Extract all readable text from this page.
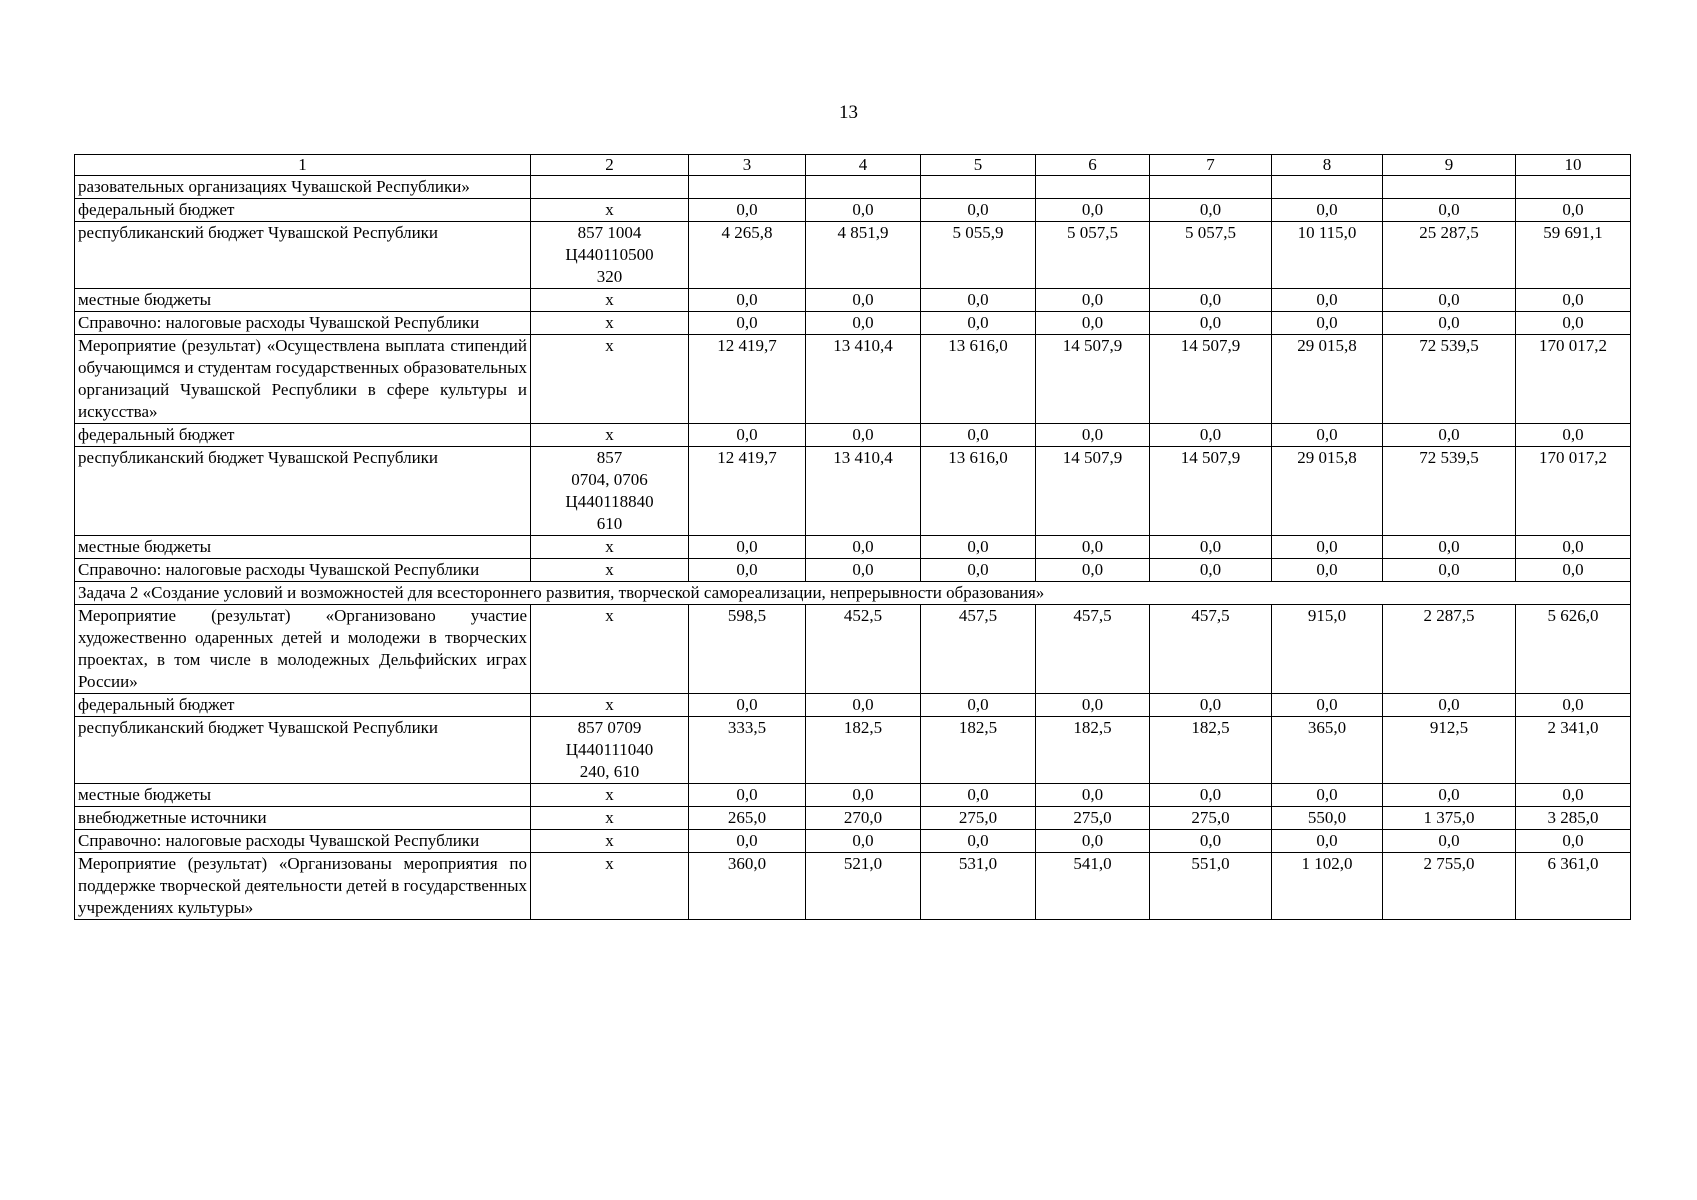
13
1	2	3	4	5	6	7	8	9	10
разовательных организациях Чувашской Республики»									
федеральный бюджет	х	0,0	0,0	0,0	0,0	0,0	0,0	0,0	0,0
республиканский бюджет Чувашской Республики	857 1004
Ц440110500
320	4 265,8	4 851,9	5 055,9	5 057,5	5 057,5	10 115,0	25 287,5	59 691,1
местные бюджеты	х	0,0	0,0	0,0	0,0	0,0	0,0	0,0	0,0
Справочно: налоговые расходы Чувашской Республики	х	0,0	0,0	0,0	0,0	0,0	0,0	0,0	0,0
Мероприятие (результат) «Осуществлена выплата стипендий обучающимся и студентам государственных образовательных организаций Чувашской Республики в сфере культуры и искусства»	х	12 419,7	13 410,4	13 616,0	14 507,9	14 507,9	29 015,8	72 539,5	170 017,2
федеральный бюджет	х	0,0	0,0	0,0	0,0	0,0	0,0	0,0	0,0
республиканский бюджет Чувашской Республики	857
0704, 0706
Ц440118840
610	12 419,7	13 410,4	13 616,0	14 507,9	14 507,9	29 015,8	72 539,5	170 017,2
местные бюджеты	х	0,0	0,0	0,0	0,0	0,0	0,0	0,0	0,0
Справочно: налоговые расходы Чувашской Республики	х	0,0	0,0	0,0	0,0	0,0	0,0	0,0	0,0
Задача 2 «Создание условий и возможностей для всестороннего развития, творческой самореализации, непрерывности образования»									
Мероприятие (результат) «Организовано участие художественно одаренных детей и молодежи в творческих проектах, в том числе в молодежных Дельфийских играх России»	х	598,5	452,5	457,5	457,5	457,5	915,0	2 287,5	5 626,0
федеральный бюджет	х	0,0	0,0	0,0	0,0	0,0	0,0	0,0	0,0
республиканский бюджет Чувашской Республики	857 0709
Ц440111040
240, 610	333,5	182,5	182,5	182,5	182,5	365,0	912,5	2 341,0
местные бюджеты	х	0,0	0,0	0,0	0,0	0,0	0,0	0,0	0,0
внебюджетные источники	х	265,0	270,0	275,0	275,0	275,0	550,0	1 375,0	3 285,0
Справочно: налоговые расходы Чувашской Республики	х	0,0	0,0	0,0	0,0	0,0	0,0	0,0	0,0
Мероприятие (результат) «Организованы мероприятия по поддержке творческой деятельности детей в государственных учреждениях культуры»	х	360,0	521,0	531,0	541,0	551,0	1 102,0	2 755,0	6 361,0
